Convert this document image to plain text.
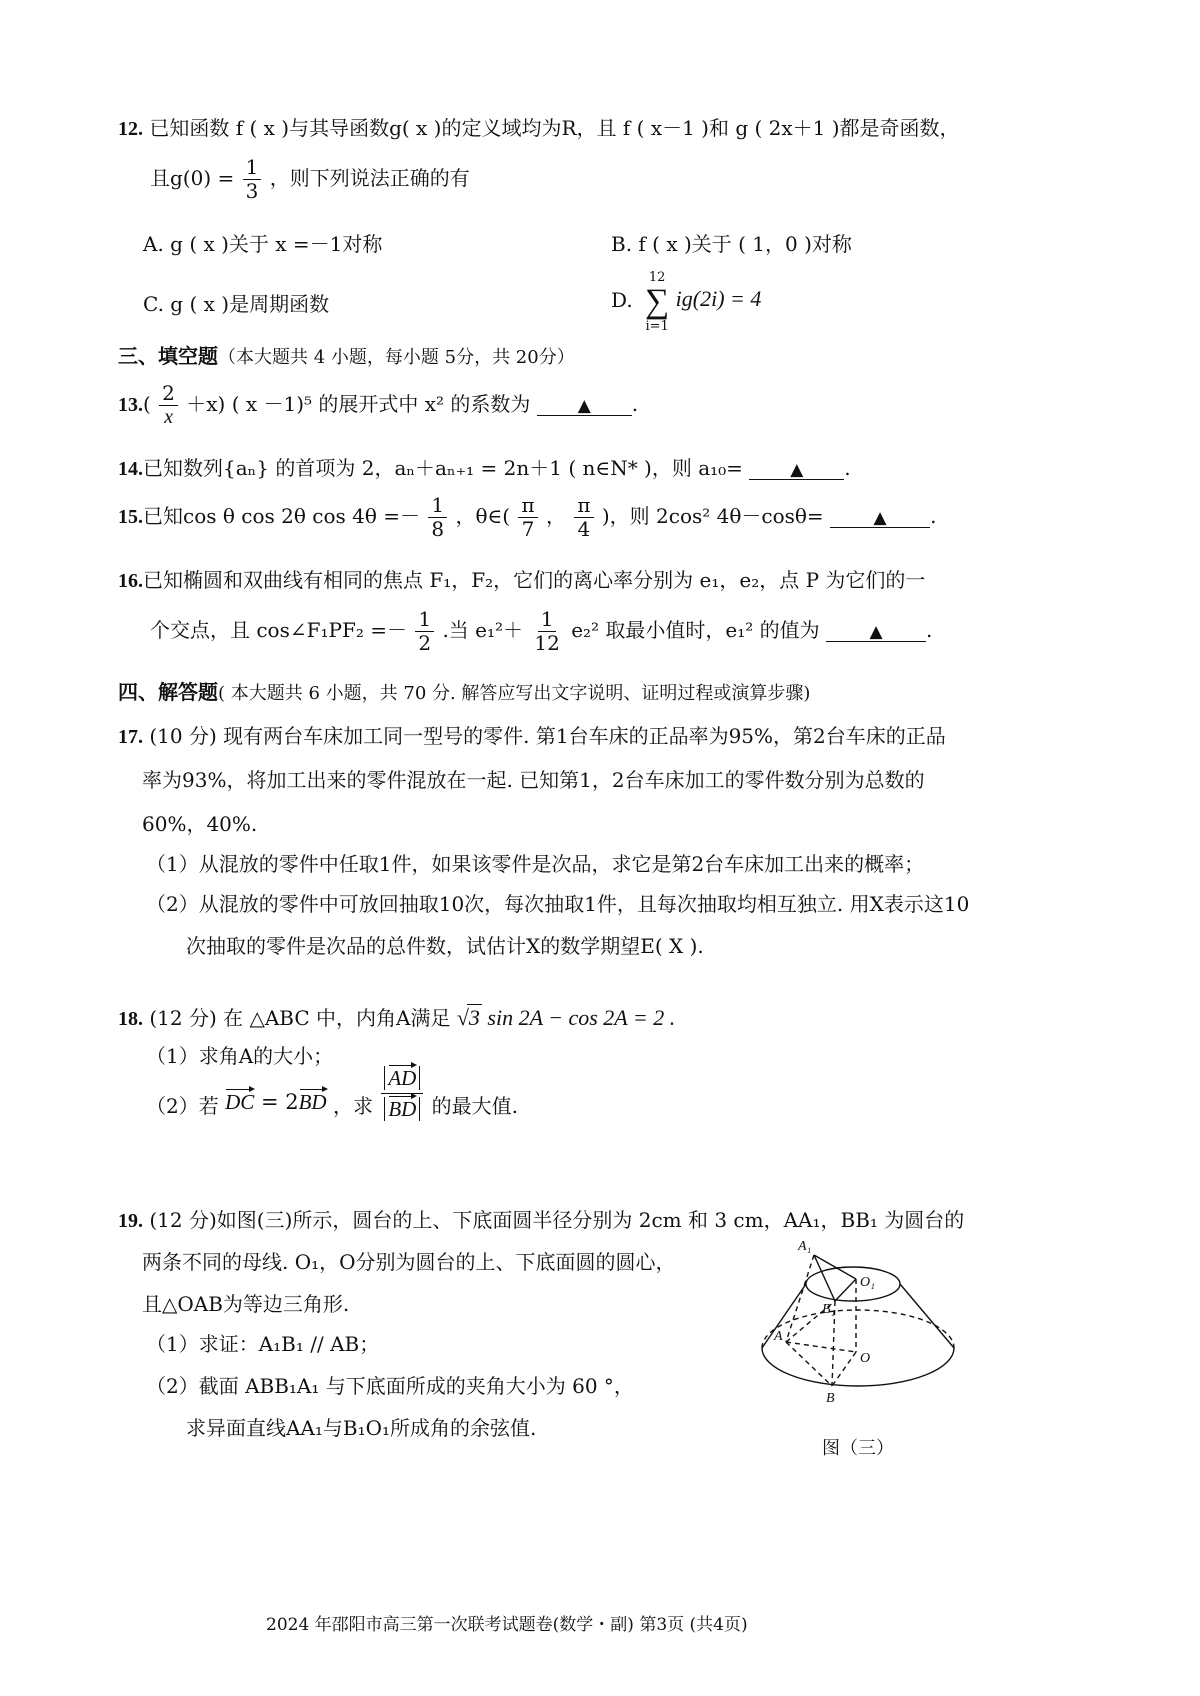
12. 已知函数 f ( x )与其导函数g( x )的定义域均为R，且 f ( x－1 )和 g ( 2x＋1 )都是奇函数，
且$g(0) = \frac{1}{3}$ ，则下列说法正确的有
A. g ( x )关于 x =－1对称	B. f ( x )关于 ( 1，0 )对称
C. g ( x )是周期函数	D.
12
∑
i=1
ig(2i) = 4
三、填空题（本大题共 4 小题，每小题 5分，共 20分）
$13.( \frac{2}{x} +x)$ ( x －1)⁵ 的展开式中 x² 的系数为	▲ .
14.已知数列{aₙ} 的首项为 2，aₙ＋aₙ₊₁ = 2n＋1 ( n∈N* )，则 a₁₀=	▲ .
15.已知cos θ cos 2θ $\cos 4\theta =- \frac{1}{8}$ ，θ∈( $\frac{\pi}{7}$ ， $\frac{\pi}{4}$ )，则 2cos² 4θ－cosθ=	▲ .
16.已知椭圆和双曲线有相同的焦点 F₁，F₂，它们的离心率分别为 e₁，e₂，点 P 为它们的一
个交点，且 cos∠F₁PF₂ =－ $\frac{1}{2}$ .当 $e_1^2+ \frac{1}{12} e_2^2$ 取最小值时，e₁² 的值为	▲ .
四、解答题( 本大题共 6 小题，共 70 分. 解答应写出文字说明、证明过程或演算步骤)
17. (10 分) 现有两台车床加工同一型号的零件. 第1台车床的正品率为95%，第2台车床的正品
率为93%，将加工出来的零件混放在一起. 已知第1，2台车床加工的零件数分别为总数的
60%，40%.
（1）从混放的零件中任取1件，如果该零件是次品，求它是第2台车床加工出来的概率；
（2）从混放的零件中可放回抽取10次，每次抽取1件，且每次抽取均相互独立. 用X表示这10
次抽取的零件是次品的总件数，试估计X的数学期望E( X ).
18. (12 分) 在 △ABC 中，内角A满足 √3 sin 2A − cos 2A = 2 .
（1）求角A的大小；
（2）若 DC = 2BD ，求 $\frac{AD}{BD}$ 的最大值.
19. (12 分)如图(三)所示，圆台的上、下底面圆半径分别为 2cm 和 3 cm，AA₁，BB₁ 为圆台的
两条不同的母线. O₁，O分别为圆台的上、下底面圆的圆心，
且△OAB为等边三角形.
（1）求证：A₁B₁ // AB；
（2）截面 ABB₁A₁ 与下底面所成的夹角大小为 60 °，
求异面直线AA₁与B₁O₁所成角的余弦值.
A₁
O₁
B₁
A
O
B
图（三）
2024 年邵阳市高三第一次联考试题卷(数学・副) 第3页 (共4页)
